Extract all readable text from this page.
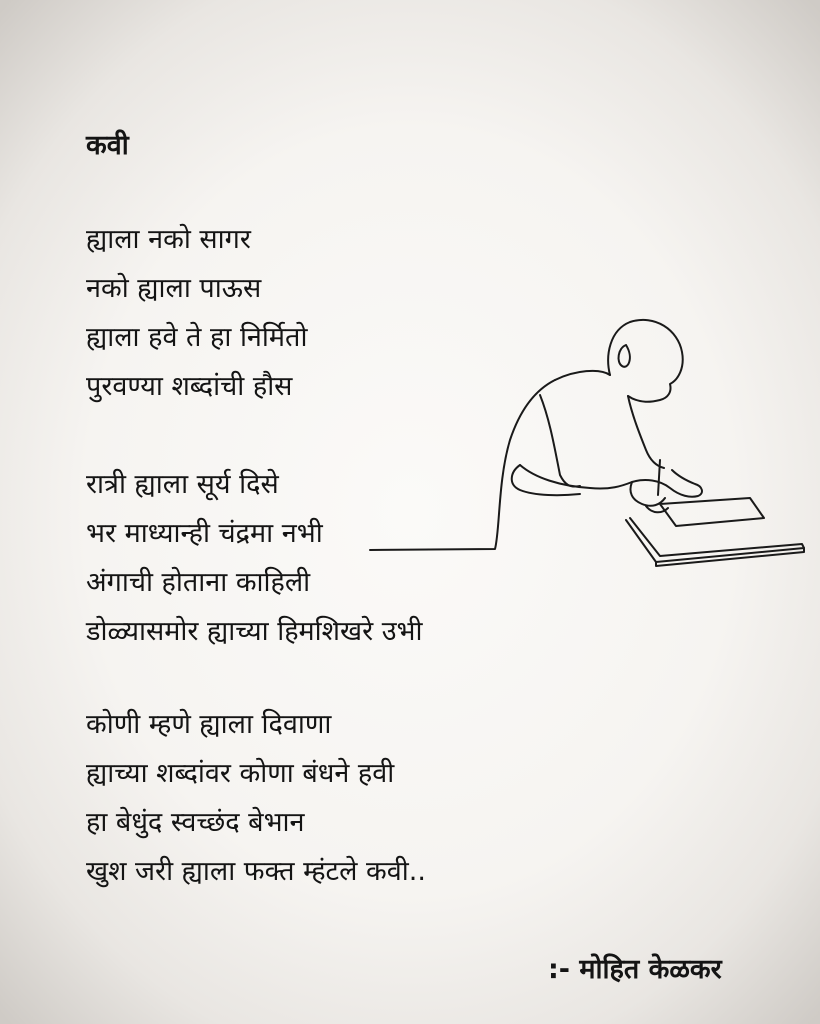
कवी
ह्याला नको सागर
नको ह्याला पाऊस
ह्याला हवे ते हा निर्मितो
पुरवण्या शब्दांची हौस
रात्री ह्याला सूर्य दिसे
भर माध्यान्ही चंद्रमा नभी
अंगाची होताना काहिली
डोळ्यासमोर ह्याच्या हिमशिखरे उभी
कोणी म्हणे ह्याला दिवाणा
ह्याच्या शब्दांवर कोणा बंधने हवी
हा बेधुंद स्वच्छंद बेभान
खुश जरी ह्याला फक्त म्हंटले कवी..
:- मोहित केळकर
